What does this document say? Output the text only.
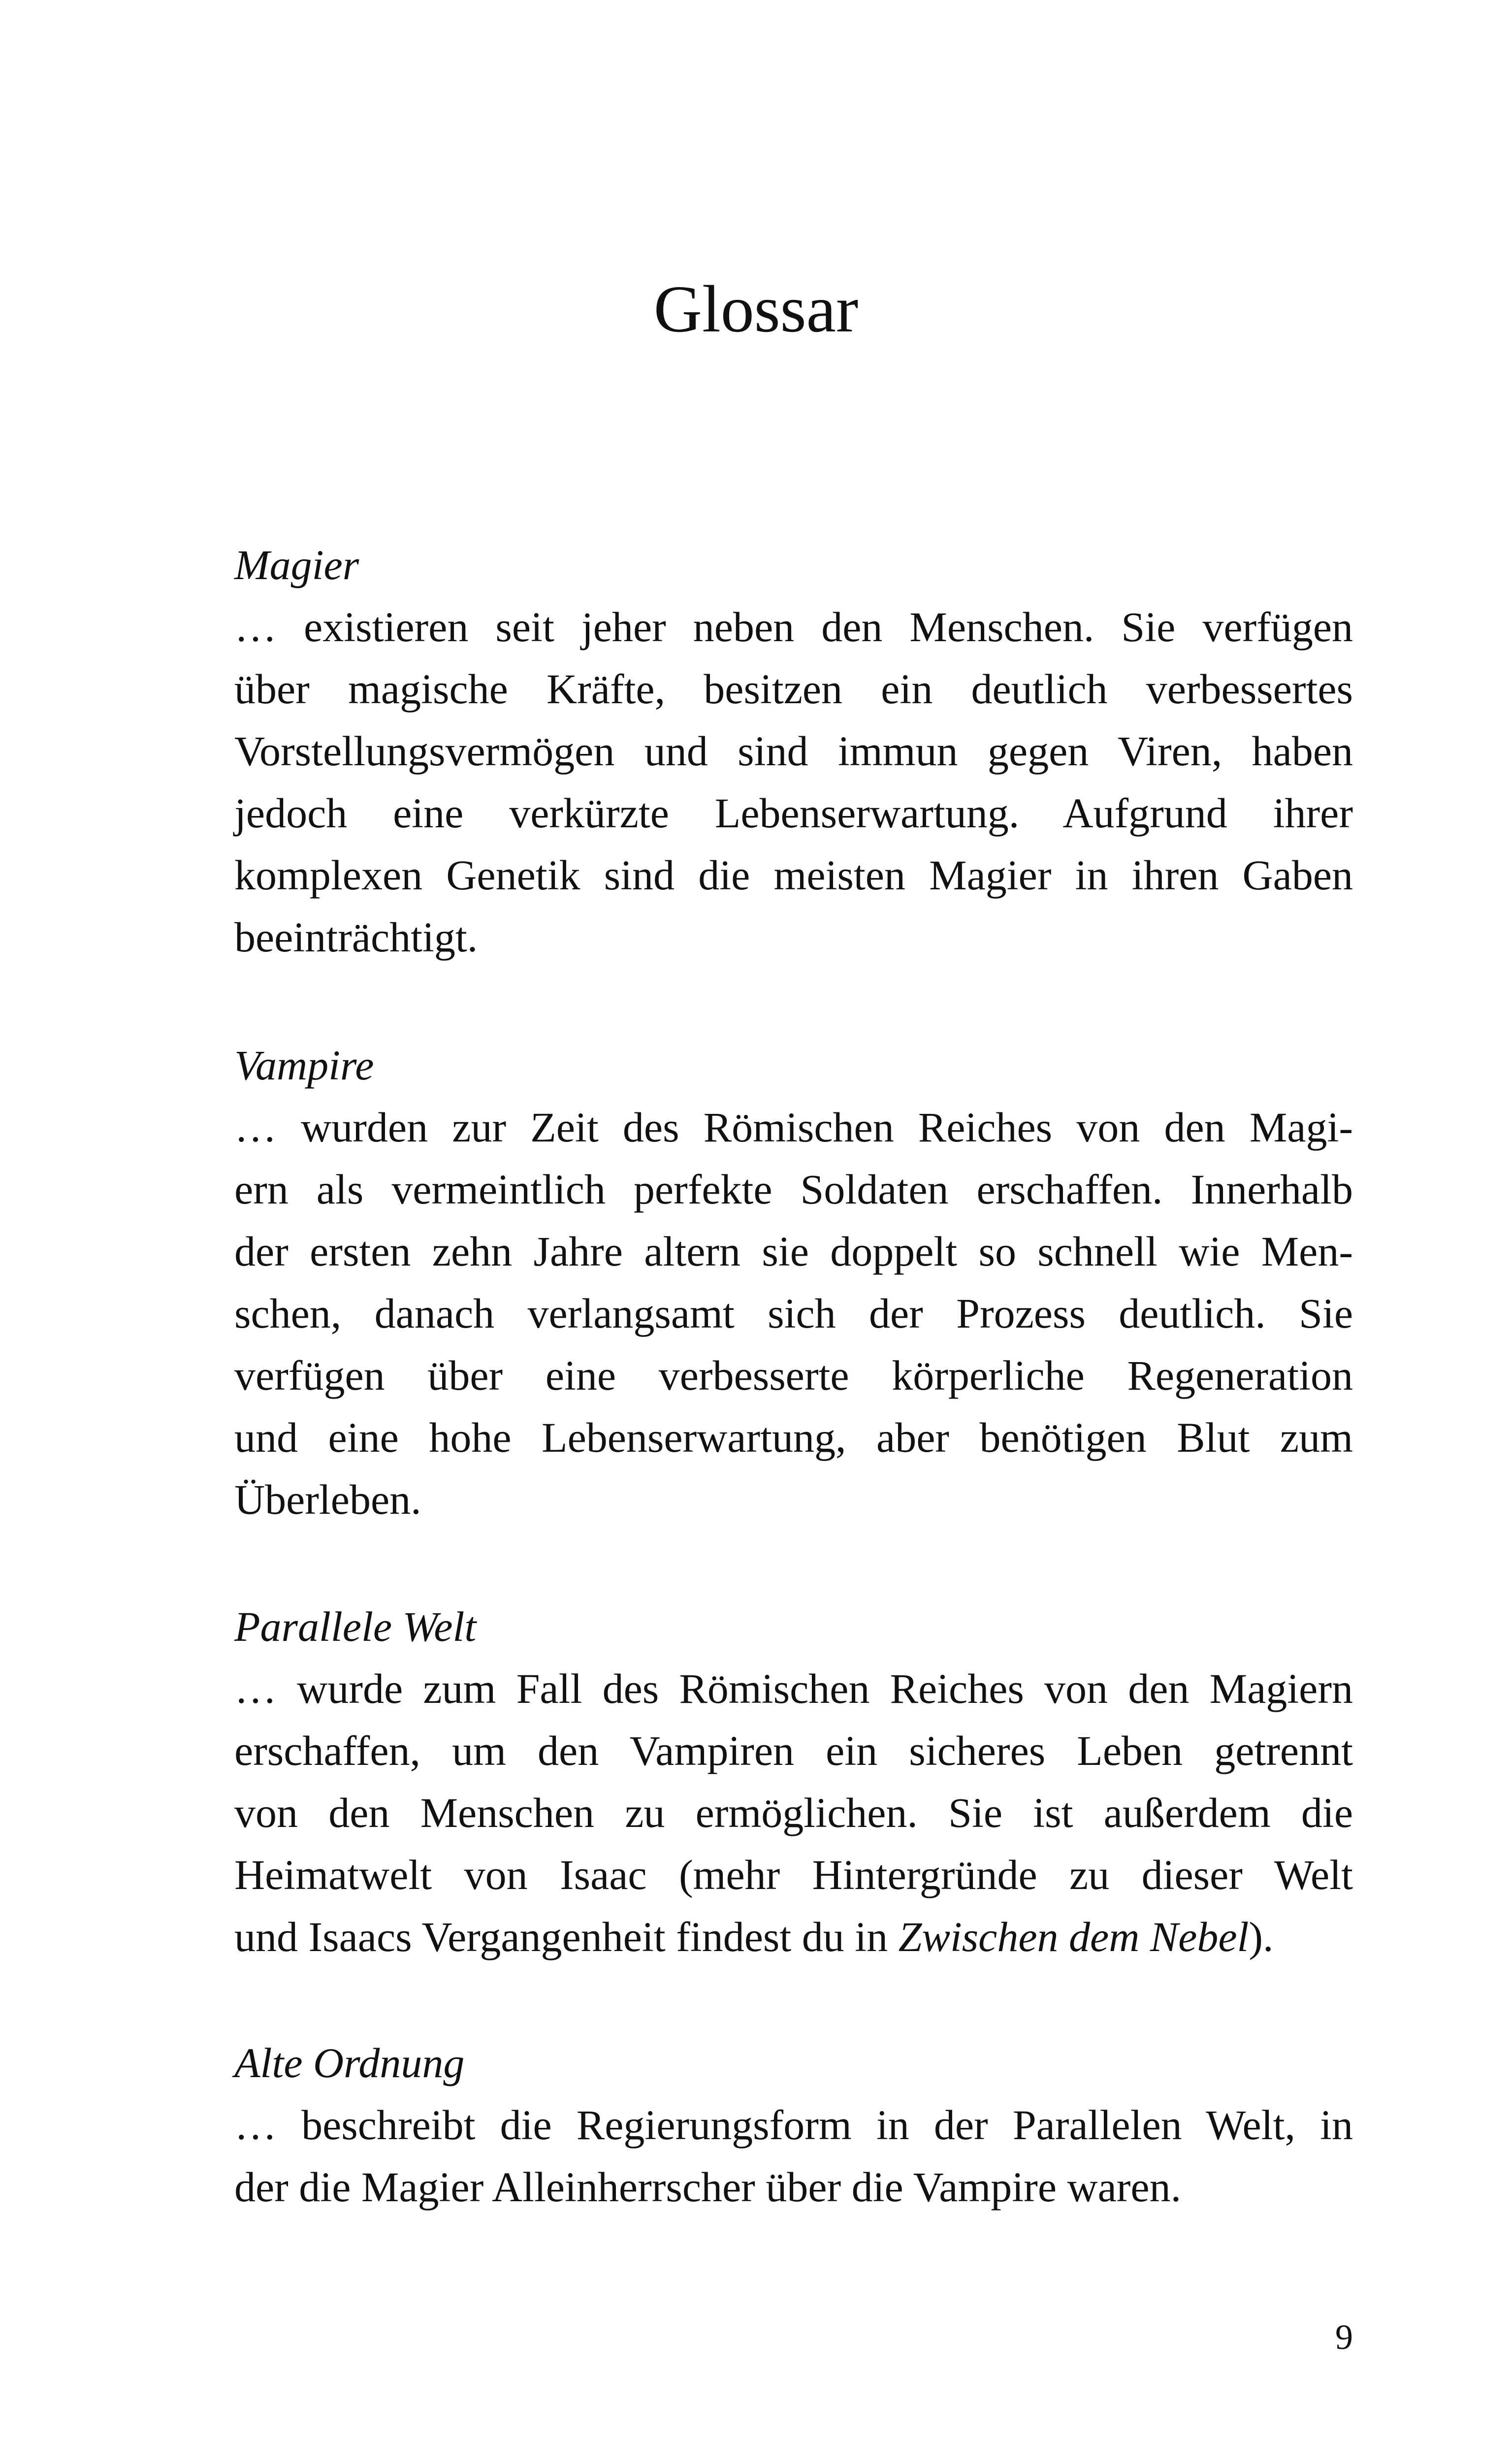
Glossar
Magier
… existieren seit jeher neben den Menschen. Sie verfügen
über magische Kräfte, besitzen ein deutlich verbessertes
Vorstellungsvermögen und sind immun gegen Viren, haben
jedoch eine verkürzte Lebenserwartung. Aufgrund ihrer
komplexen Genetik sind die meisten Magier in ihren Gaben
beeinträchtigt.
Vampire
… wurden zur Zeit des Römischen Reiches von den Magi-
ern als vermeintlich perfekte Soldaten erschaffen. Innerhalb
der ersten zehn Jahre altern sie doppelt so schnell wie Men-
schen, danach verlangsamt sich der Prozess deutlich. Sie
verfügen über eine verbesserte körperliche Regeneration
und eine hohe Lebenserwartung, aber benötigen Blut zum
Überleben.
Parallele Welt
… wurde zum Fall des Römischen Reiches von den Magiern
erschaffen, um den Vampiren ein sicheres Leben getrennt
von den Menschen zu ermöglichen. Sie ist außerdem die
Heimatwelt von Isaac (mehr Hintergründe zu dieser Welt
und Isaacs Vergangenheit findest du in Zwischen dem Nebel).
Alte Ordnung
… beschreibt die Regierungsform in der Parallelen Welt, in
der die Magier Alleinherrscher über die Vampire waren.
9
